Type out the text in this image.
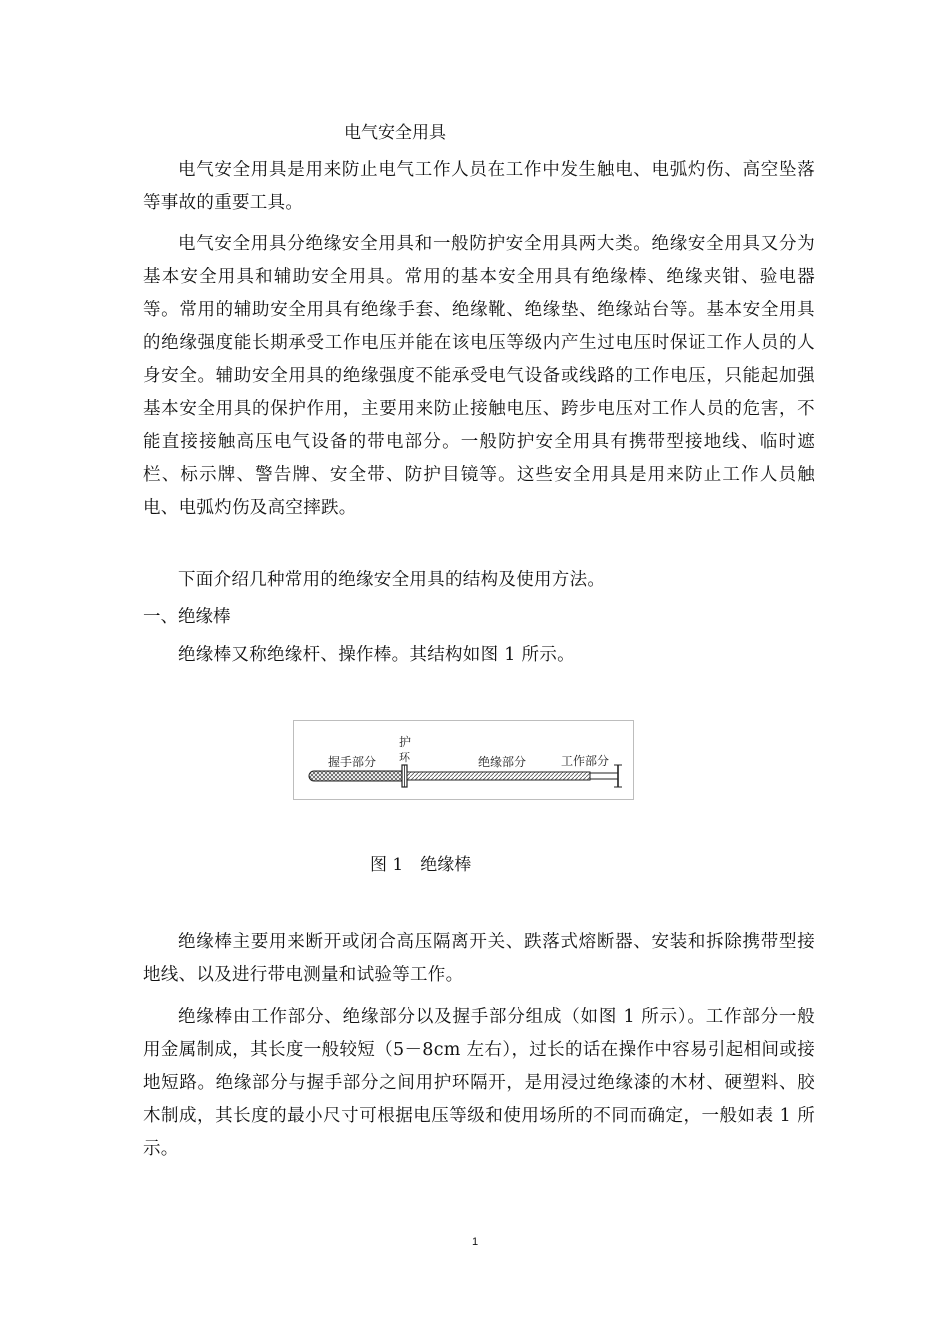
电气安全用具

电气安全用具是用来防止电气工作人员在工作中发生触电、电弧灼伤、高空坠落等事故的重要工具。

电气安全用具分绝缘安全用具和一般防护安全用具两大类。绝缘安全用具又分为基本安全用具和辅助安全用具。常用的基本安全用具有绝缘棒、绝缘夹钳、验电器等。常用的辅助安全用具有绝缘手套、绝缘靴、绝缘垫、绝缘站台等。基本安全用具的绝缘强度能长期承受工作电压并能在该电压等级内产生过电压时保证工作人员的人身安全。辅助安全用具的绝缘强度不能承受电气设备或线路的工作电压，只能起加强基本安全用具的保护作用，主要用来防止接触电压、跨步电压对工作人员的危害，不能直接接触高压电气设备的带电部分。一般防护安全用具有携带型接地线、临时遮栏、标示牌、警告牌、安全带、防护目镜等。这些安全用具是用来防止工作人员触电、电弧灼伤及高空摔跌。

下面介绍几种常用的绝缘安全用具的结构及使用方法。

一、绝缘棒

绝缘棒又称绝缘杆、操作棒。其结构如图 1 所示。

握手部分
护
环	绝缘部分	工作部分
图 1　绝缘棒

绝缘棒主要用来断开或闭合高压隔离开关、跌落式熔断器、安装和拆除携带型接地线、以及进行带电测量和试验等工作。

绝缘棒由工作部分、绝缘部分以及握手部分组成（如图 1 所示）。工作部分一般用金属制成，其长度一般较短（5－8cm 左右），过长的话在操作中容易引起相间或接地短路。绝缘部分与握手部分之间用护环隔开，是用浸过绝缘漆的木材、硬塑料、胶木制成，其长度的最小尺寸可根据电压等级和使用场所的不同而确定，一般如表 1 所示。

1
